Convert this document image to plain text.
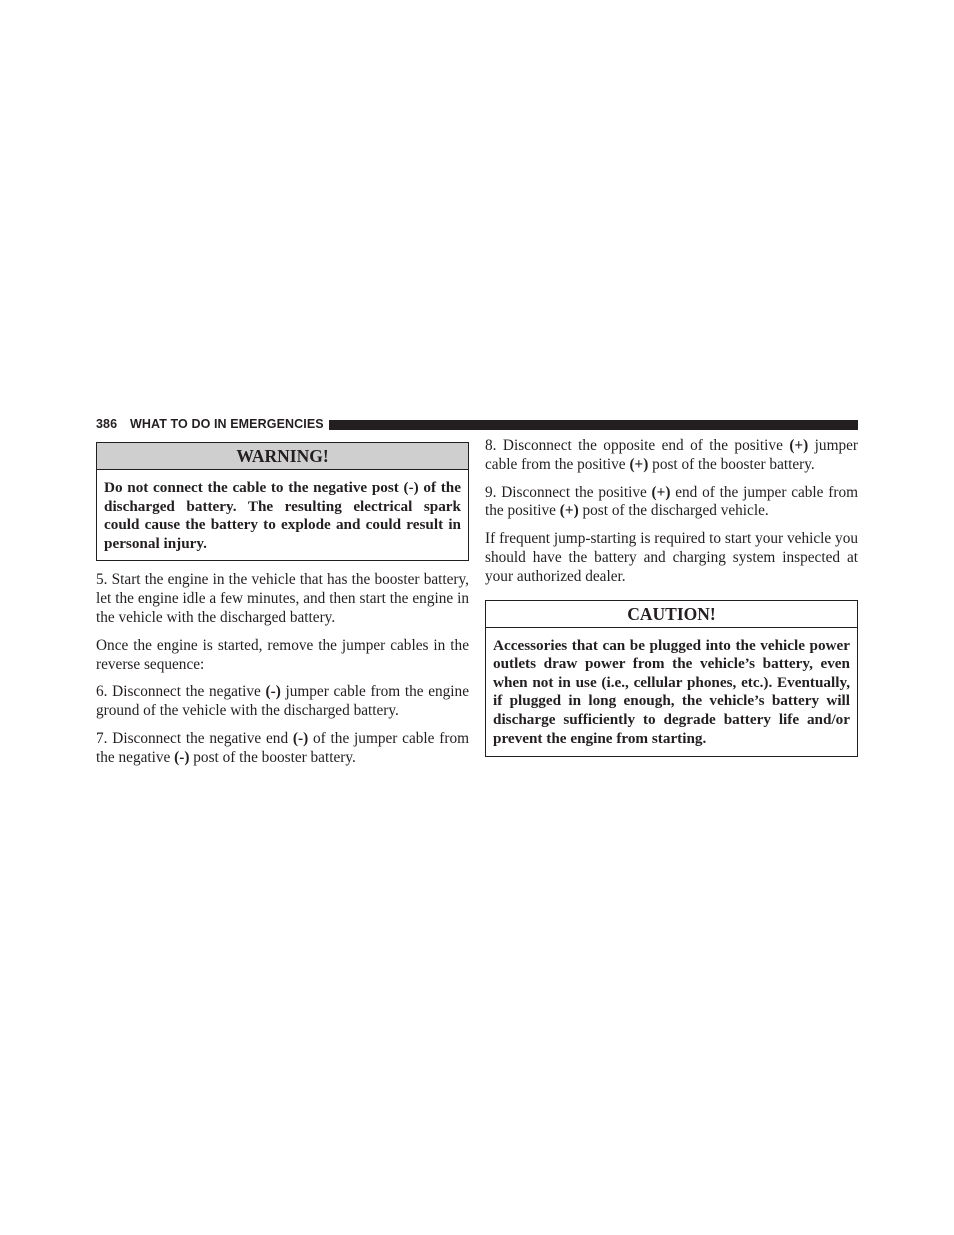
386 WHAT TO DO IN EMERGENCIES
WARNING!
Do not connect the cable to the negative post (-) of the discharged battery. The resulting electrical spark could cause the battery to explode and could result in personal injury.

5. Start the engine in the vehicle that has the booster battery, let the engine idle a few minutes, and then start the engine in the vehicle with the discharged battery.

Once the engine is started, remove the jumper cables in the reverse sequence:

6. Disconnect the negative (-) jumper cable from the engine ground of the vehicle with the discharged battery.

7. Disconnect the negative end (-) of the jumper cable from the negative (-) post of the booster battery.

8. Disconnect the opposite end of the positive (+) jumper cable from the positive (+) post of the booster battery.

9. Disconnect the positive (+) end of the jumper cable from the positive (+) post of the discharged vehicle.

If frequent jump-starting is required to start your vehicle you should have the battery and charging system inspected at your authorized dealer.

CAUTION!
Accessories that can be plugged into the vehicle power outlets draw power from the vehicle’s battery, even when not in use (i.e., cellular phones, etc.). Eventually, if plugged in long enough, the vehicle’s battery will discharge sufficiently to degrade battery life and/or prevent the engine from starting.
